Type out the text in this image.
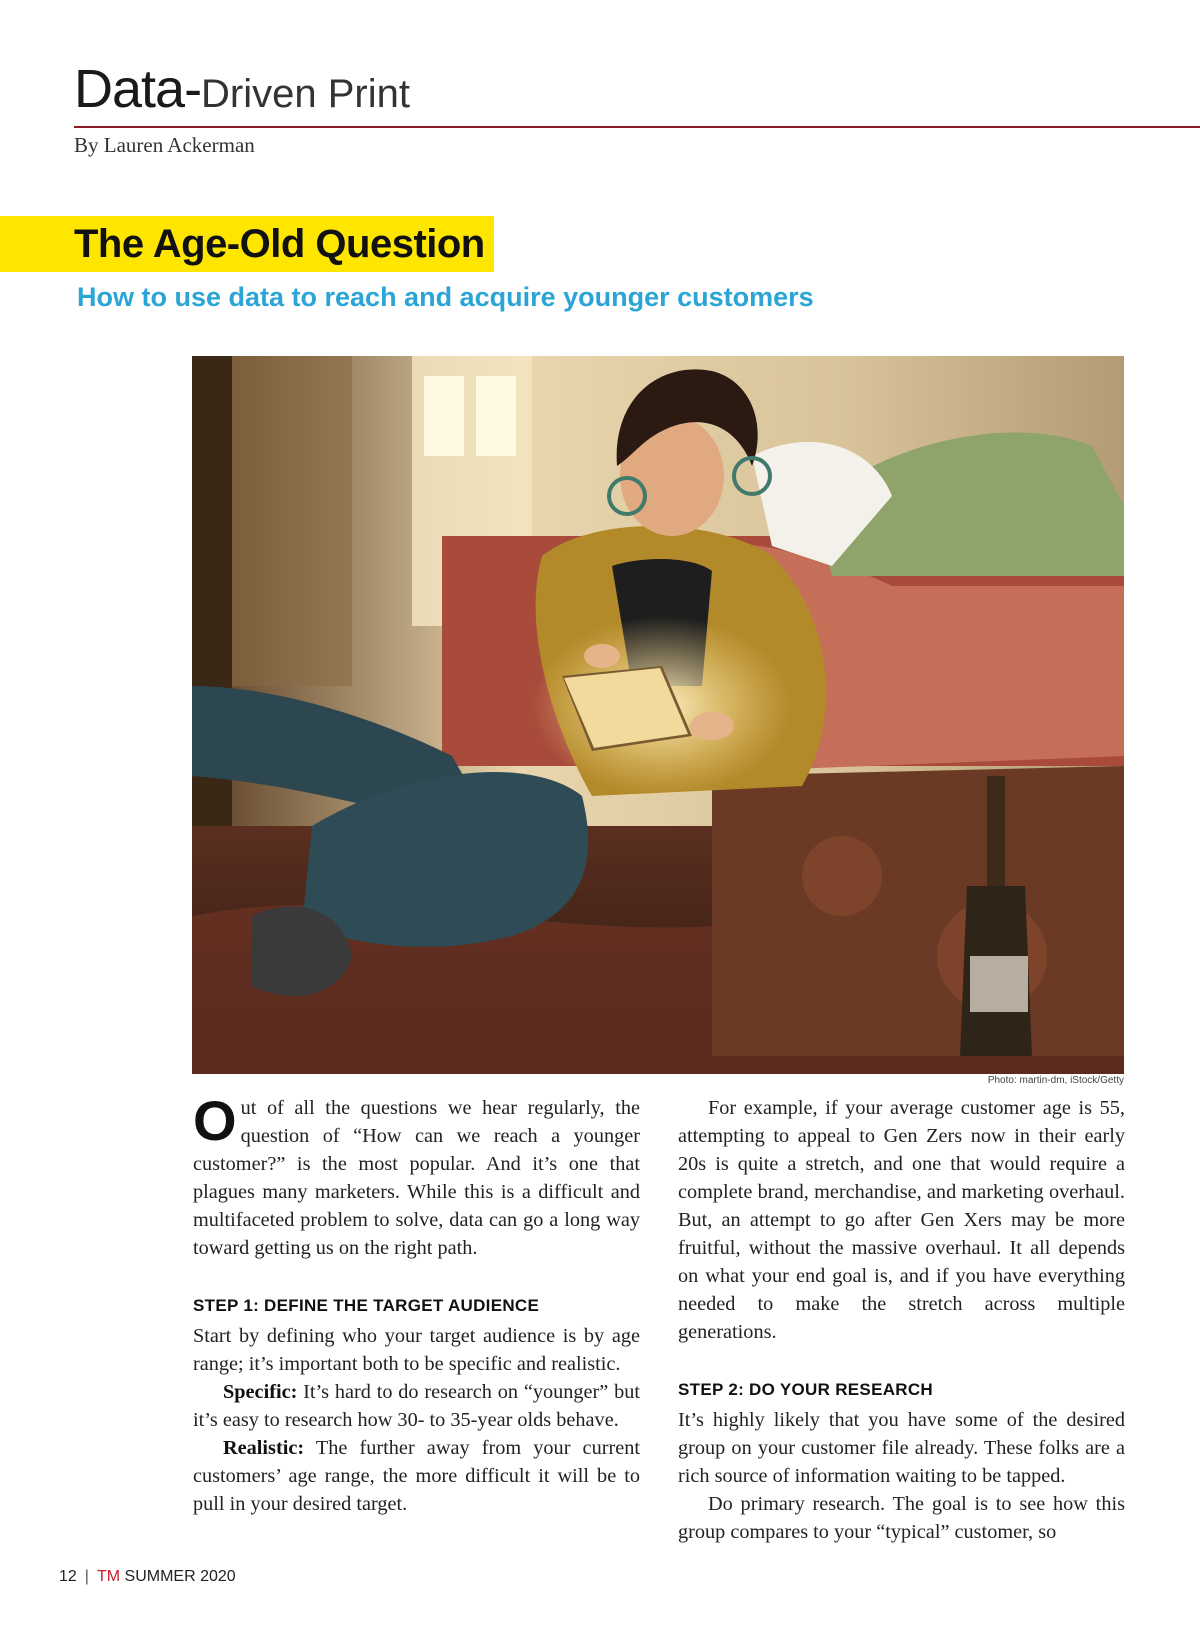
Data-Driven Print
By Lauren Ackerman
The Age-Old Question
How to use data to reach and acquire younger customers
Photo: martin-dm, iStock/Getty

Out of all the questions we hear regularly, the question of “How can we reach a younger customer?” is the most popular. And it’s one that plagues many marketers. While this is a difficult and multifaceted problem to solve, data can go a long way toward getting us on the right path.

STEP 1: DEFINE THE TARGET AUDIENCE

Start by defining who your target audience is by age range; it’s important both to be specific and realistic.

Specific: It’s hard to do research on “younger” but it’s easy to research how 30- to 35-year olds behave.

Realistic: The further away from your current customers’ age range, the more difficult it will be to pull in your desired target.

For example, if your average customer age is 55, attempting to appeal to Gen Zers now in their early 20s is quite a stretch, and one that would require a complete brand, merchandise, and marketing overhaul. But, an attempt to go after Gen Xers may be more fruitful, without the massive overhaul. It all depends on what your end goal is, and if you have everything needed to make the stretch across multiple generations.

STEP 2: DO YOUR RESEARCH

It’s highly likely that you have some of the desired group on your customer file already. These folks are a rich source of information waiting to be tapped.

Do primary research. The goal is to see how this group compares to your “typical” customer, so

12 | TM SUMMER 2020
